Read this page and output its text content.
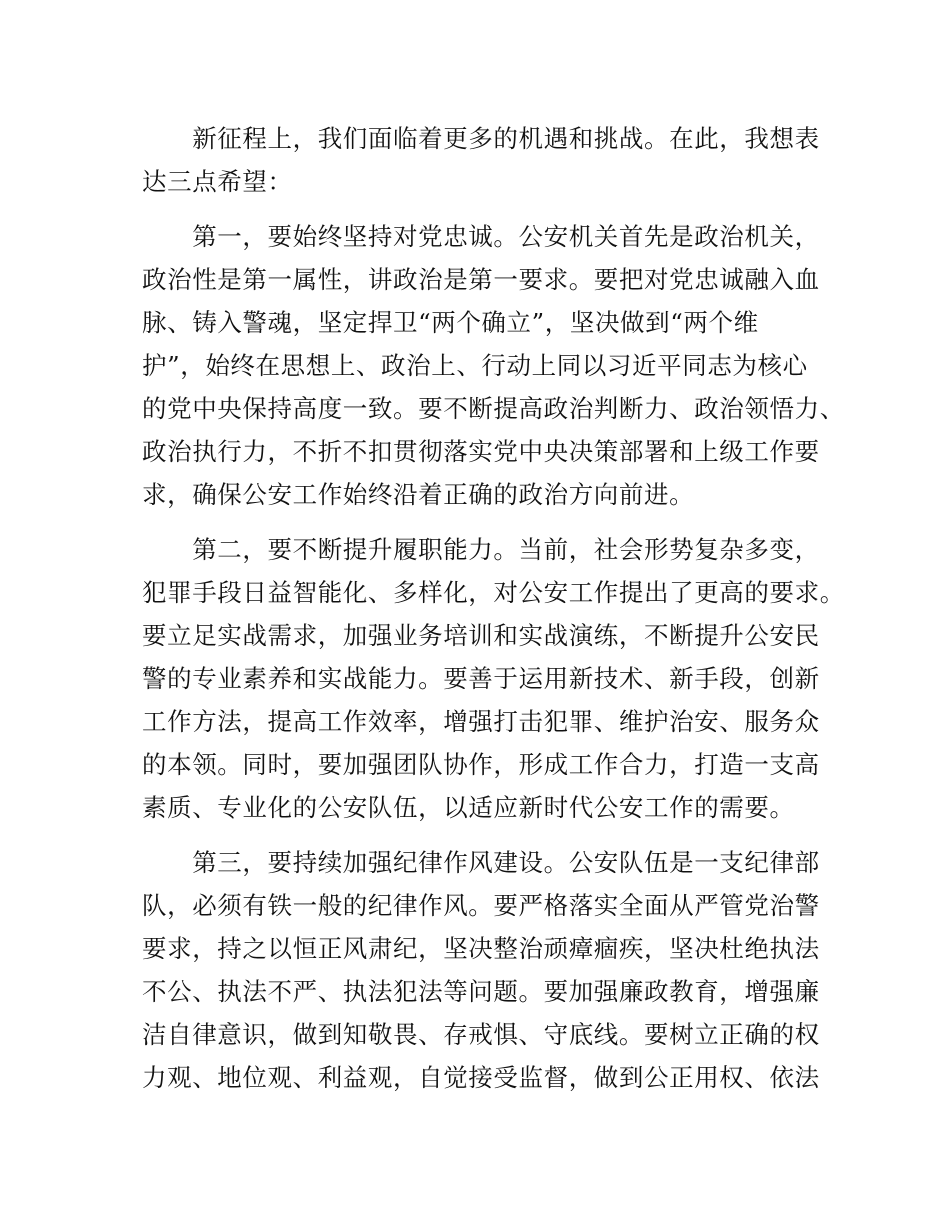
　　新征程上，我们面临着更多的机遇和挑战。在此，我想表
达三点希望：
　　第一，要始终坚持对党忠诚。公安机关首先是政治机关，
政治性是第一属性，讲政治是第一要求。要把对党忠诚融入血
脉、铸入警魂，坚定捍卫“两个确立”，坚决做到“两个维
护”，始终在思想上、政治上、行动上同以习近平同志为核心
的党中央保持高度一致。要不断提高政治判断力、政治领悟力、
政治执行力，不折不扣贯彻落实党中央决策部署和上级工作要
求，确保公安工作始终沿着正确的政治方向前进。
　　第二，要不断提升履职能力。当前，社会形势复杂多变，
犯罪手段日益智能化、多样化，对公安工作提出了更高的要求。
要立足实战需求，加强业务培训和实战演练，不断提升公安民
警的专业素养和实战能力。要善于运用新技术、新手段，创新
工作方法，提高工作效率，增强打击犯罪、维护治安、服务众
的本领。同时，要加强团队协作，形成工作合力，打造一支高
素质、专业化的公安队伍，以适应新时代公安工作的需要。
　　第三，要持续加强纪律作风建设。公安队伍是一支纪律部
队，必须有铁一般的纪律作风。要严格落实全面从严管党治警
要求，持之以恒正风肃纪，坚决整治顽瘴痼疾，坚决杜绝执法
不公、执法不严、执法犯法等问题。要加强廉政教育，增强廉
洁自律意识，做到知敬畏、存戒惧、守底线。要树立正确的权
力观、地位观、利益观，自觉接受监督，做到公正用权、依法
